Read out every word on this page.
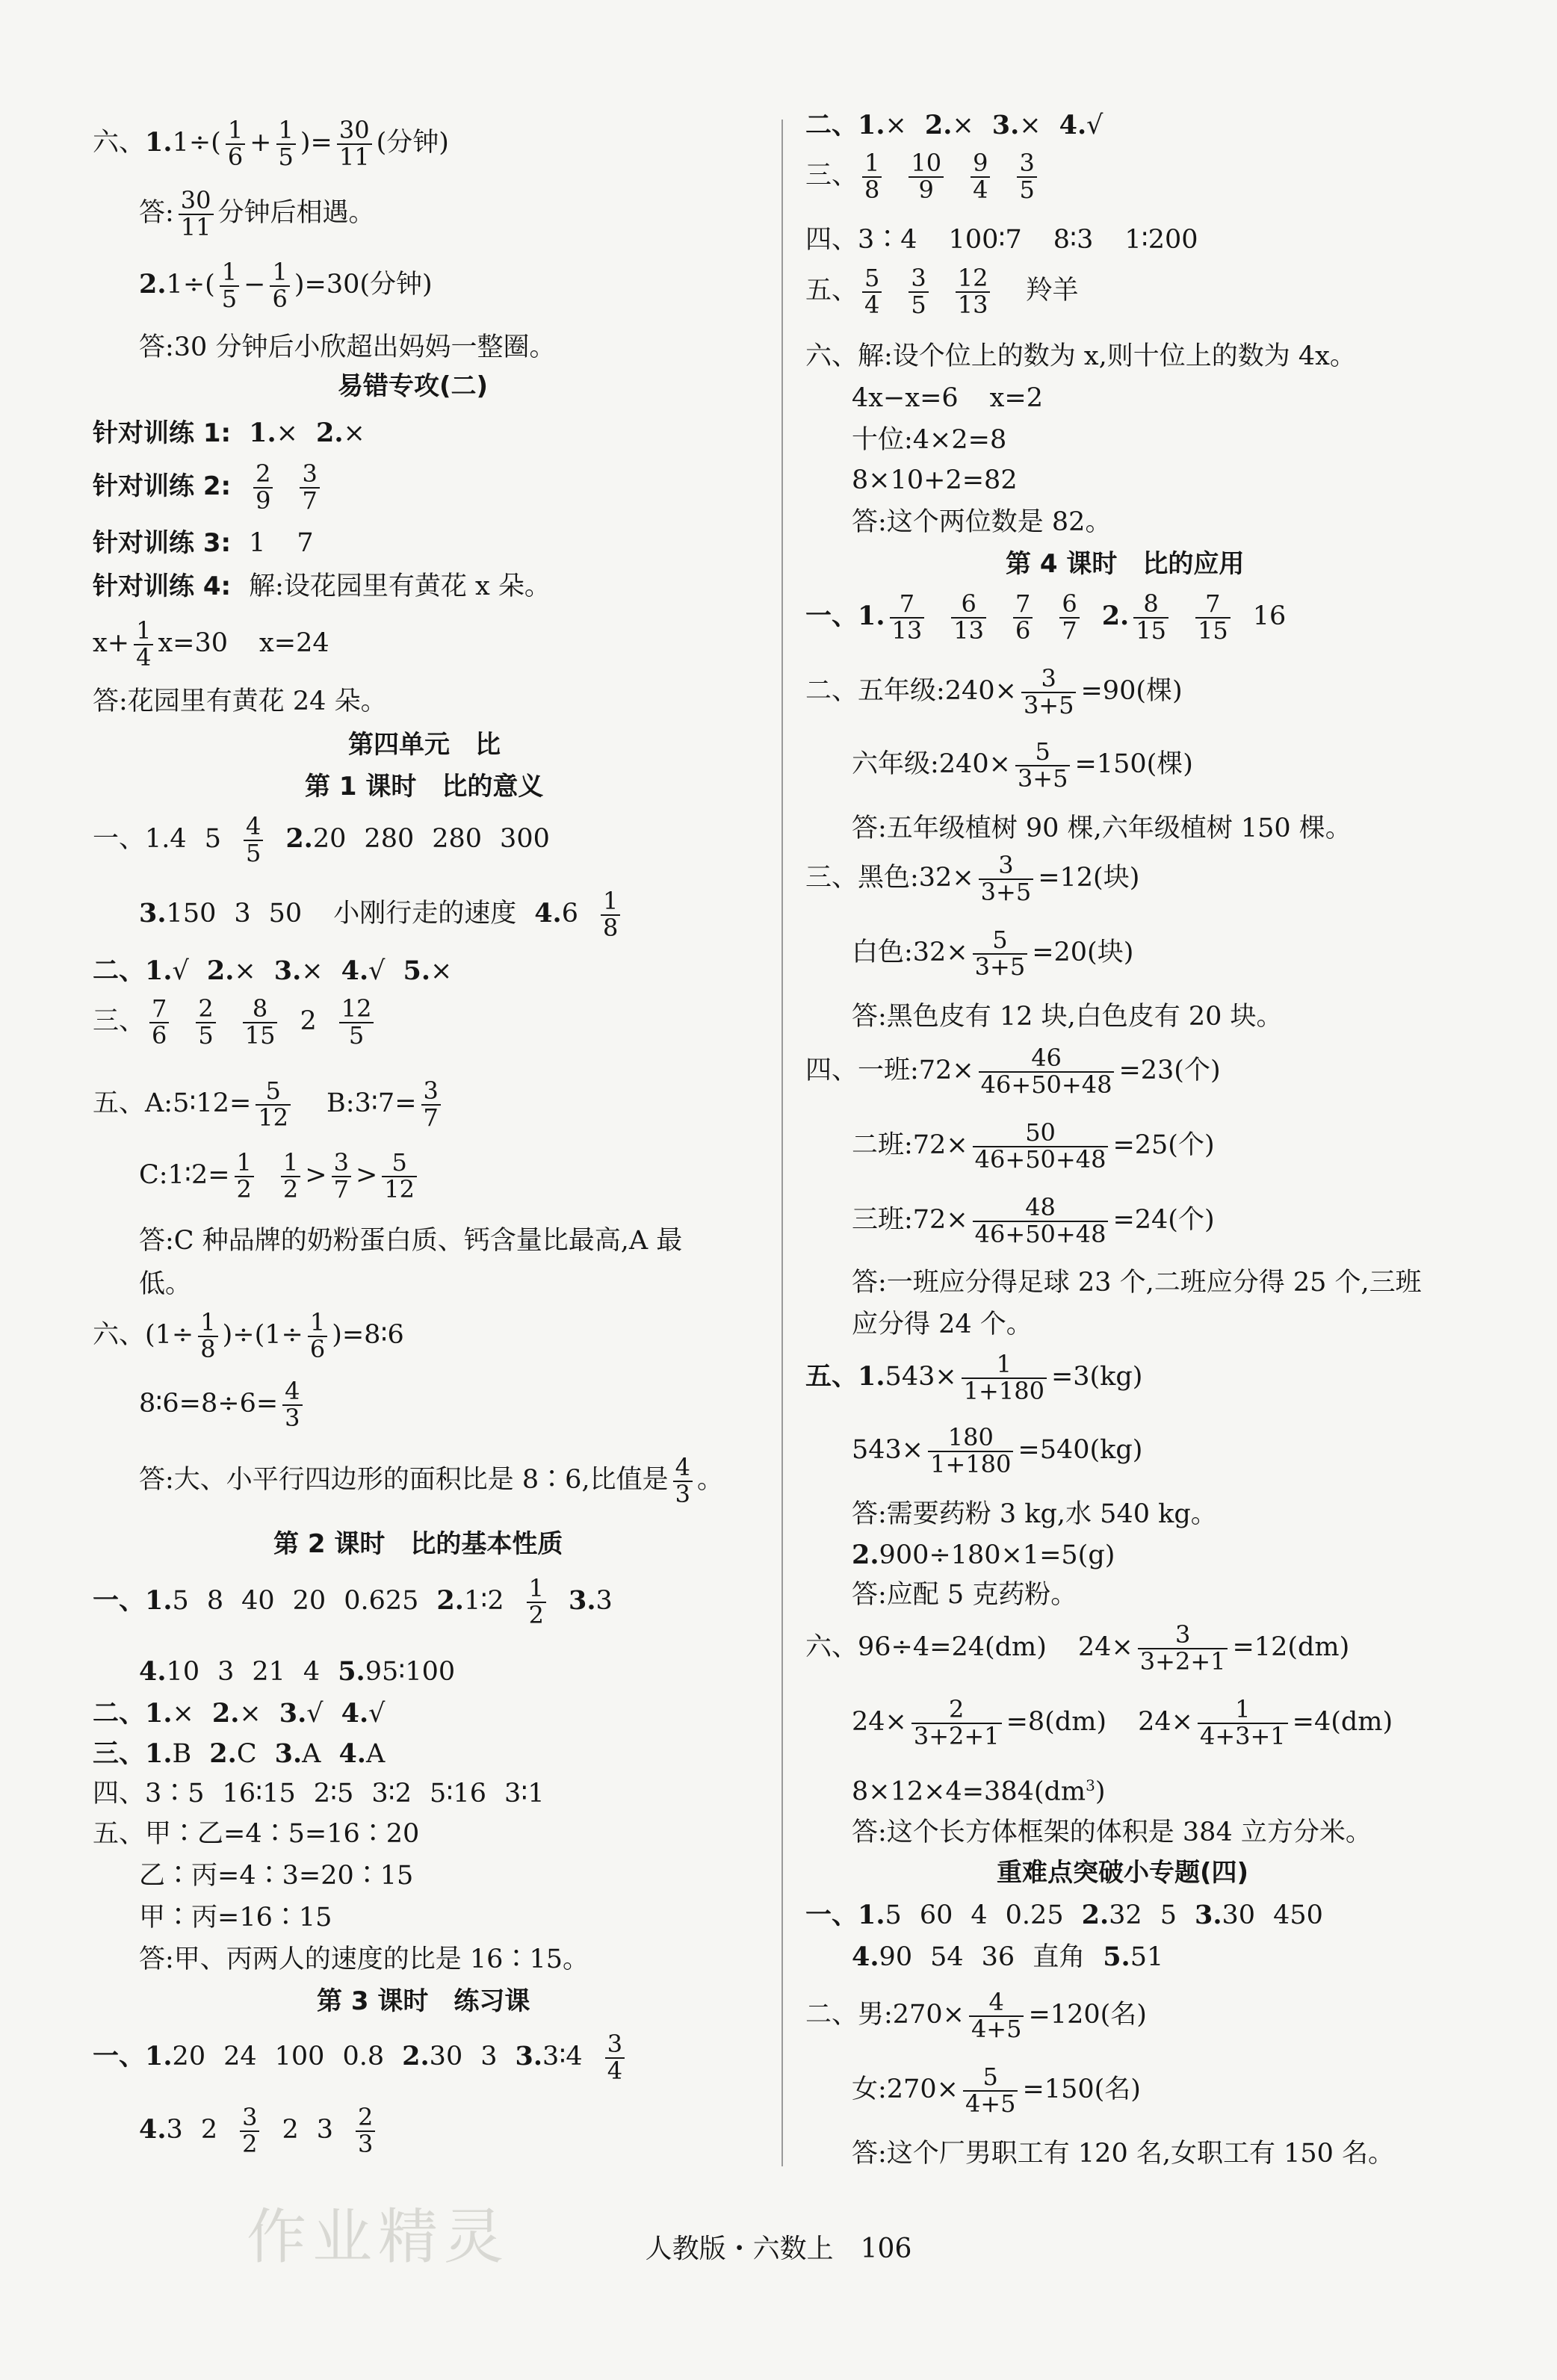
六、$1.1\div( \frac{1}{6} + \frac{1}{5}$ )= $\frac{30}{11}$ (分钟)
答: $\frac{30}{11}$ 分钟后相遇。
$2.1\div( \frac{1}{5} - \frac{1}{6} )=30$(分钟)
答:30 分钟后小欣超出妈妈一整圈。
易错专攻(二)
针对训练 1: 1.× 2.×
针对训练 2: $\frac{2}{9} \frac{3}{7}$
针对训练 3: 1 7
针对训练 4: 解:设花园里有黄花 x 朵。
$x+ \frac{1}{4} x=30$ x=24
答:花园里有黄花 24 朵。
第四单元　比
第 1 课时　比的意义
一、1.4 $5 \frac{4}{5} 2.20$ 280 280 300
3.150 3 50 小刚行走的速度 $4.6 \frac{1}{8}$
二、1.√ 2.× 3.× 4.√ 5.×
三、 $\frac{7}{6} \frac{2}{5} \frac{8}{15} 2 \frac{12}{5}$
五、A:5∶12= $\frac{5}{12}$ B:3∶7= $\frac{3}{7}$
C:1∶2= $\frac{1}{2} \frac{1}{2} > \frac{3}{7} > \frac{5}{12}$
答:C 种品牌的奶粉蛋白质、钙含量比最高,A 最
低。
六、$(1\div \frac{1}{8} )\div(1\div \frac{1}{6}$ )=8∶6
8∶6=8÷6= $\frac{4}{3}$
答:大、小平行四边形的面积比是 8∶6,比值是 $\frac{4}{3}$ 。
第 2 课时　比的基本性质
一、1.5 8 40 20 0.625 2.1∶2 $\frac{1}{2} 3.3$
4.10 3 21 4 5.95∶100
二、1.× 2.× 3.√ 4.√
三、1.B 2.C 3.A 4.A
四、3∶5 16∶15 2∶5 3∶2 5∶16 3∶1
五、甲∶乙=4∶5=16∶20
乙∶丙=4∶3=20∶15
甲∶丙=16∶15
答:甲、丙两人的速度的比是 16∶15。
第 3 课时　练习课
一、1.20 24 100 0.8 2.30 3 3.3∶4 $\frac{3}{4}$
4.3 $2 \frac{3}{2} 2$ $3 \frac{2}{3}$
二、1.× 2.× 3.× 4.√
三、 $\frac{1}{8} \frac{10}{9} \frac{9}{4} \frac{3}{5}$
四、3∶4 100∶7 8∶3 1∶200
五、 $\frac{5}{4} \frac{3}{5} \frac{12}{13}$ 羚羊
六、解:设个位上的数为 x,则十位上的数为 4x。
4x−x=6 x=2
十位:4×2=8
8×10+2=82
答:这个两位数是 82。
第 4 课时　比的应用
一、1. $\frac{7}{13} \frac{6}{13} \frac{7}{6} \frac{6}{7} 2$. $\frac{8}{15} \frac{7}{15} 16$
二、五年级:240× $\frac{3}{3+5} =90$(棵)
六年级:240× $\frac{5}{3+5} =150$(棵)
答:五年级植树 90 棵,六年级植树 150 棵。
三、黑色:32× $\frac{3}{3+5} =12$(块)
白色:32× $\frac{5}{3+5} =20$(块)
答:黑色皮有 12 块,白色皮有 20 块。
四、一班:72× $\frac{46}{46+50+48} =23$(个)
二班:72× $\frac{50}{46+50+48} =25$(个)
三班:72× $\frac{48}{46+50+48} =24$(个)
答:一班应分得足球 23 个,二班应分得 25 个,三班
应分得 24 个。
五、$1.543\times \frac{1}{1+180} =3(kg)$
$543\times \frac{180}{1+180} =540(kg)$
答:需要药粉 3 kg,水 540 kg。
2.900÷180×1=5(g)
答:应配 5 克药粉。
六、96÷4=24(dm) $24\times \frac{3}{3+2+1} =12(dm)$
$24\times \frac{2}{3+2+1} =8(dm)$ $24\times \frac{1}{4+3+1} =4(dm)$
$8\times 12\times 4=384(dm^3)$
答:这个长方体框架的体积是 384 立方分米。
重难点突破小专题(四)
一、1.5 60 4 0.25 2.32 5 3.30 450
4.90 54 36 直角 5.51
二、男:270× $\frac{4}{4+5} =120$(名)
女:270× $\frac{5}{4+5} =150$(名)
答:这个厂男职工有 120 名,女职工有 150 名。
作业精灵	人教版・六数上　106
